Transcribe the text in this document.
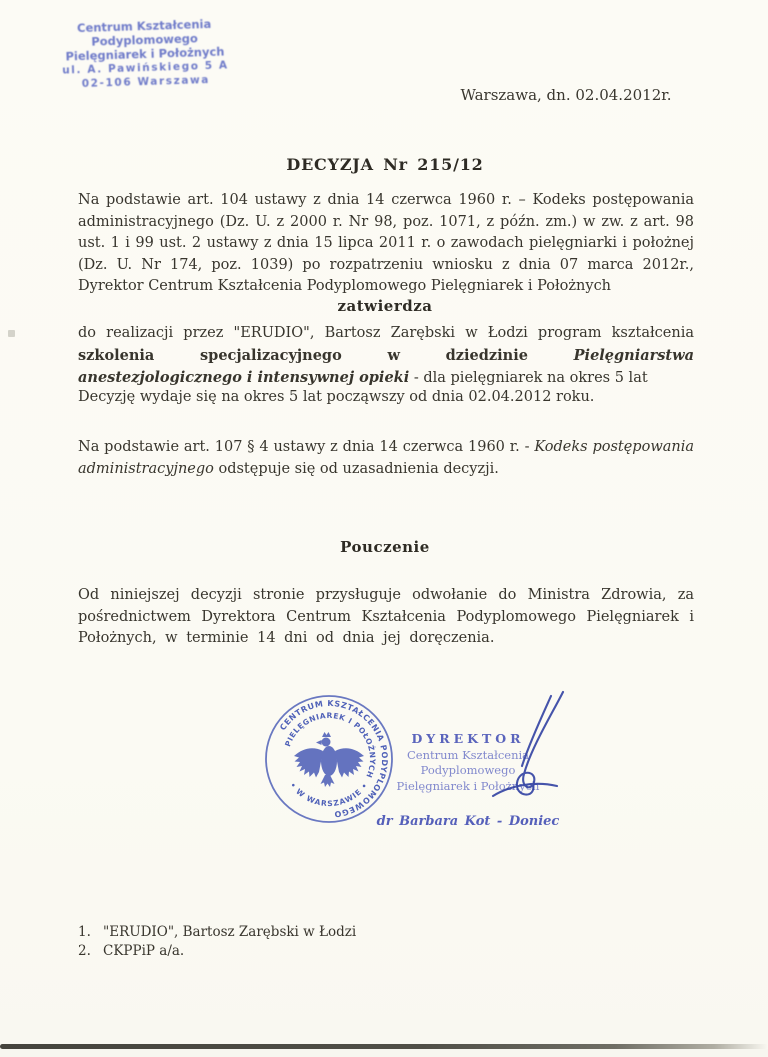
Centrum Kształcenia Podyplomowego
Pielęgniarek i Położnych
ul. A. Pawińskiego 5 A
02-106 Warszawa
Warszawa, dn. 02.04.2012r.
DECYZJA Nr 215/12
Na podstawie art. 104 ustawy z dnia 14 czerwca 1960 r. – Kodeks postępowania administracyjnego (Dz. U. z 2000 r. Nr 98, poz. 1071, z późn. zm.) w zw. z art. 98 ust. 1 i 99 ust. 2 ustawy z dnia 15 lipca 2011 r. o zawodach pielęgniarki i położnej (Dz. U. Nr 174, poz. 1039) po rozpatrzeniu wniosku z dnia 07 marca 2012r., Dyrektor Centrum Kształcenia Podyplomowego Pielęgniarek i Położnych
zatwierdza
do realizacji przez "ERUDIO", Bartosz Zarębski w Łodzi program kształcenia szkolenia specjalizacyjnego w dziedzinie Pielęgniarstwa anestezjologicznego i intensywnej opieki - dla pielęgniarek na okres 5 lat
Decyzję wydaje się na okres 5 lat począwszy od dnia 02.04.2012 roku.
Na podstawie art. 107 § 4 ustawy z dnia 14 czerwca 1960 r. - Kodeks postępowania administracyjnego odstępuje się od uzasadnienia decyzji.
Pouczenie
Od niniejszej decyzji stronie przysługuje odwołanie do Ministra Zdrowia, za pośrednictwem Dyrektora Centrum Kształcenia Podyplomowego Pielęgniarek i Położnych, w terminie 14 dni od dnia jej doręczenia.
CENTRUM KSZTAŁCENIA PODYPLOMOWEGO
PIELĘGNIAREK I POŁOŻNYCH
• W WARSZAWIE •
DYREKTOR
Centrum Kształcenia Podyplomowego
Pielęgniarek i Położnych
dr Barbara Kot - Doniec
1. "ERUDIO", Bartosz Zarębski w Łodzi
2. CKPPiP a/a.
